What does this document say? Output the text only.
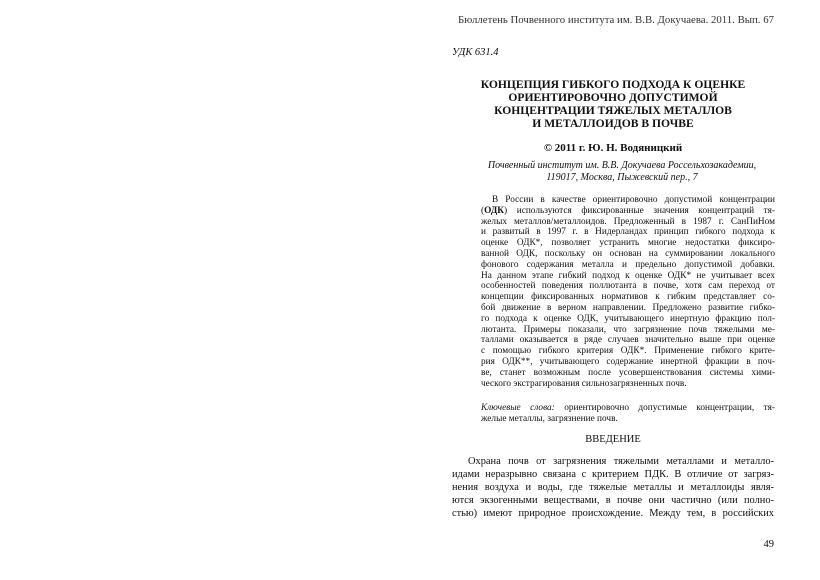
Бюллетень Почвенного института им. В.В. Докучаева. 2011. Вып. 67
УДК 631.4
КОНЦЕПЦИЯ ГИБКОГО ПОДХОДА К ОЦЕНКЕ
ОРИЕНТИРОВОЧНО ДОПУСТИМОЙ
КОНЦЕНТРАЦИИ ТЯЖЕЛЫХ МЕТАЛЛОВ
И МЕТАЛЛОИДОВ В ПОЧВЕ
© 2011 г. Ю. Н. Водяницкий
Почвенный институт им. В.В. Докучаева Россельхозакадемии,
119017, Москва, Пыжевский пер., 7
В России в качестве ориентировочно допустимой концентрации
(ОДК) используются фиксированные значения концентраций тя-
желых металлов/металлоидов. Предложенный в 1987 г. СанПиНом
и развитый в 1997 г. в Нидерландах принцип гибкого подхода к
оценке ОДК*, позволяет устранить многие недостатки фиксиро-
ванной ОДК, поскольку он основан на суммировании локального
фонового содержания металла и предельно допустимой добавки.
На данном этапе гибкий подход к оценке ОДК* не учитывает всех
особенностей поведения поллютанта в почве, хотя сам переход от
концепции фиксированных нормативов к гибким представляет со-
бой движение в верном направлении. Предложено развитие гибко-
го подхода к оценке ОДК, учитывающего инертную фракцию пол-
лютанта. Примеры показали, что загрязнение почв тяжелыми ме-
таллами оказывается в ряде случаев значительно выше при оценке
с помощью гибкого критерия ОДК*. Применение гибкого крите-
рия ОДК**, учитывающего содержание инертной фракции в поч-
ве, станет возможным после усовершенствования системы хими-
ческого экстрагирования сильнозагрязненных почв.
Ключевые слова: ориентировочно допустимые концентрации, тя-
желые металлы, загрязнение почв.
ВВЕДЕНИЕ
Охрана почв от загрязнения тяжелыми металлами и металло-
идами неразрывно связана с критерием ПДК. В отличие от загряз-
нения воздуха и воды, где тяжелые металлы и металлоиды явля-
ются экзогенными веществами, в почве они частично (или полно-
стью) имеют природное происхождение. Между тем, в российских
49
